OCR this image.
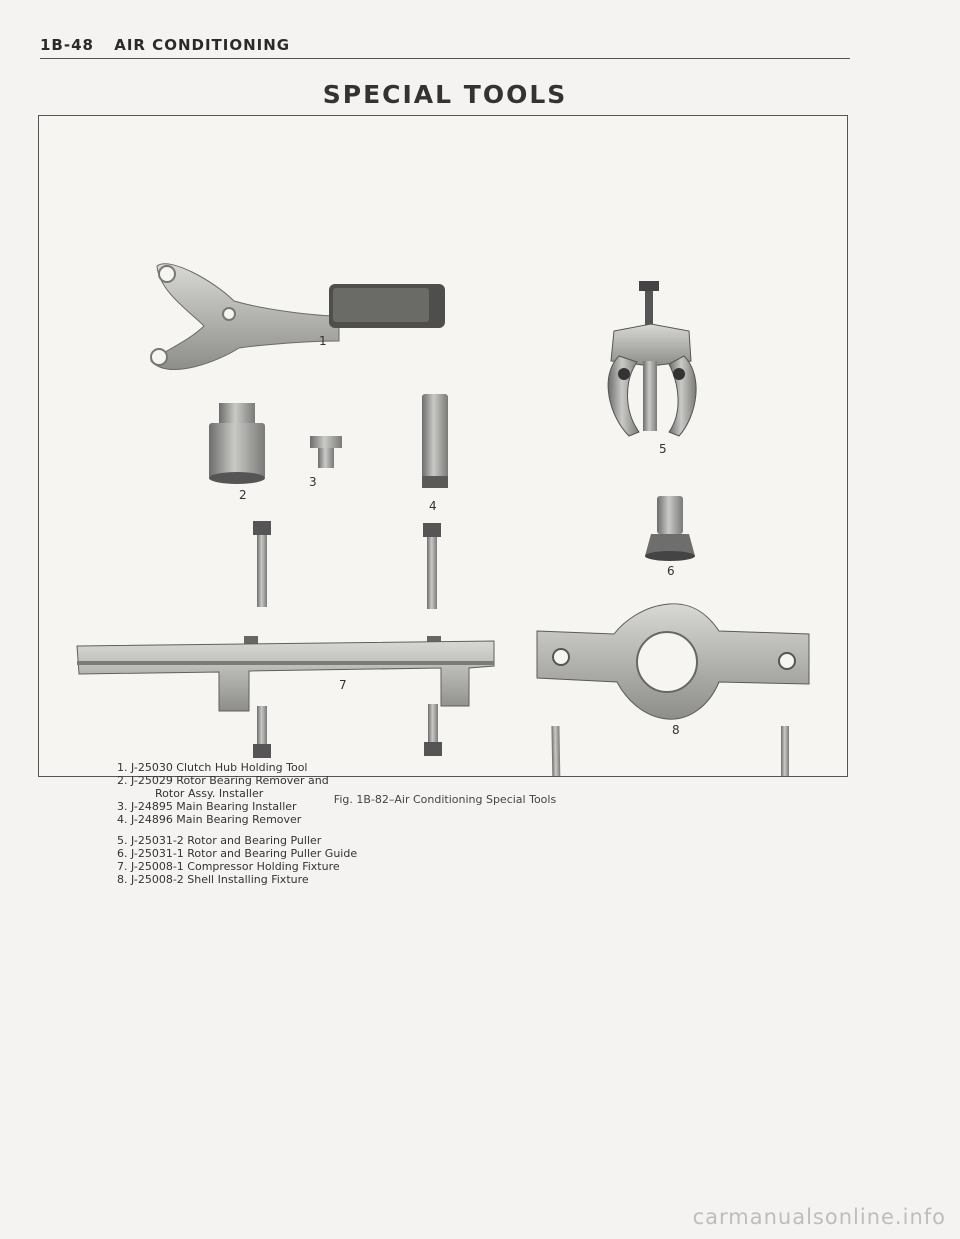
1B-48 AIR CONDITIONING
SPECIAL TOOLS
1
2
3
4
5
6
7
8
1. J-25030 Clutch Hub Holding Tool
2. J-25029 Rotor Bearing Remover and
Rotor Assy. Installer
3. J-24895 Main Bearing Installer
4. J-24896 Main Bearing Remover
5. J-25031-2 Rotor and Bearing Puller
6. J-25031-1 Rotor and Bearing Puller Guide
7. J-25008-1 Compressor Holding Fixture
8. J-25008-2 Shell Installing Fixture
Fig. 1B-82–Air Conditioning Special Tools
carmanualsonline.info
